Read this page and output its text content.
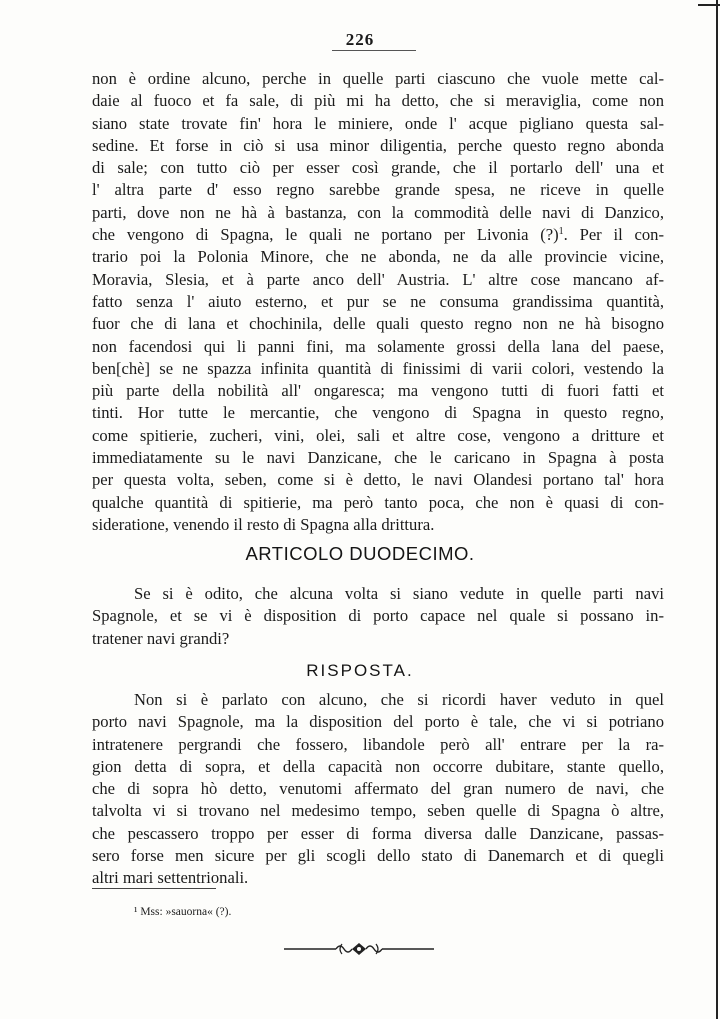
226
non è ordine alcuno, perche in quelle parti ciascuno che vuole mette cal-
daie al fuoco et fa sale, di più mi ha detto, che si meraviglia, come non
siano state trovate fin' hora le miniere, onde l' acque pigliano questa sal-
sedine. Et forse in ciò si usa minor diligentia, perche questo regno abonda
di sale; con tutto ciò per esser così grande, che il portarlo dell' una et
l' altra parte d' esso regno sarebbe grande spesa, ne riceve in quelle
parti, dove non ne hà à bastanza, con la commodità delle navi di Danzico,
che vengono di Spagna, le quali ne portano per Livonia (?)$^1$. Per il con-
trario poi la Polonia Minore, che ne abonda, ne da alle provincie vicine,
Moravia, Slesia, et à parte anco dell' Austria. L' altre cose mancano af-
fatto senza l' aiuto esterno, et pur se ne consuma grandissima quantità,
fuor che di lana et chochinila, delle quali questo regno non ne hà bisogno
non facendosi qui li panni fini, ma solamente grossi della lana del paese,
ben[chè] se ne spazza infinita quantità di finissimi di varii colori, vestendo la
più parte della nobilità all' ongaresca; ma vengono tutti di fuori fatti et
tinti. Hor tutte le mercantie, che vengono di Spagna in questo regno,
come spitierie, zucheri, vini, olei, sali et altre cose, vengono a dritture et
immediatamente su le navi Danzicane, che le caricano in Spagna à posta
per questa volta, seben, come si è detto, le navi Olandesi portano tal' hora
qualche quantità di spitierie, ma però tanto poca, che non è quasi di con-
sideratione, venendo il resto di Spagna alla drittura.
ARTICOLO DUODECIMO.
Se si è odito, che alcuna volta si siano vedute in quelle parti navi
Spagnole, et se vi è disposition di porto capace nel quale si possano in-
tratener navi grandi?
RISPOSTA.
Non si è parlato con alcuno, che si ricordi haver veduto in quel
porto navi Spagnole, ma la disposition del porto è tale, che vi si potriano
intratenere pergrandi che fossero, libandole però all' entrare per la ra-
gion detta di sopra, et della capacità non occorre dubitare, stante quello,
che di sopra hò detto, venutomi affermato del gran numero de navi, che
talvolta vi si trovano nel medesimo tempo, seben quelle di Spagna ò altre,
che pescassero troppo per esser di forma diversa dalle Danzicane, passas-
sero forse men sicure per gli scogli dello stato di Danemarch et di quegli
altri mari settentrionali.
¹ Mss: »sauorna« (?).
